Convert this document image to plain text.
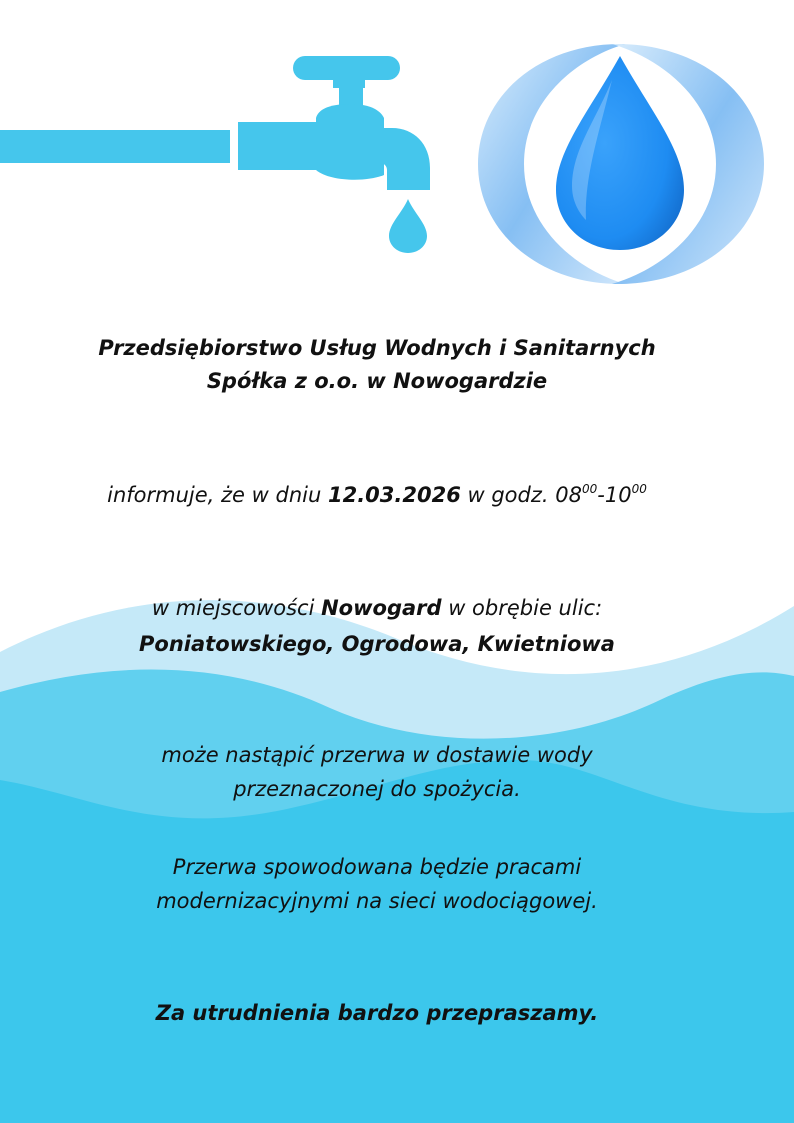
Przedsiębiorstwo Usług Wodnych i Sanitarnych
Spółka z o.o. w Nowogardzie
informuje, że w dniu 12.03.2026 w godz. $08^{00}-10^{00}$
w miejscowości Nowogard w obrębie ulic:
Poniatowskiego, Ogrodowa, Kwietniowa
może nastąpić przerwa w dostawie wody
przeznaczonej do spożycia.
Przerwa spowodowana będzie pracami
modernizacyjnymi na sieci wodociągowej.
Za utrudnienia bardzo przepraszamy.
